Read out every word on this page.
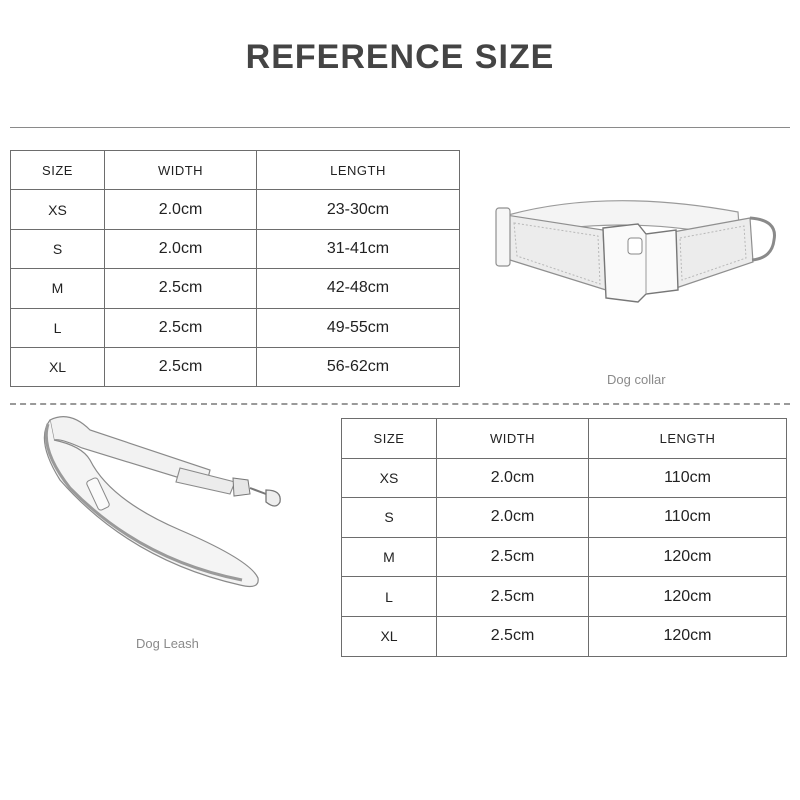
REFERENCE SIZE
SIZE	WIDTH	LENGTH
XS	2.0cm	23-30cm
S	2.0cm	31-41cm
M	2.5cm	42-48cm
L	2.5cm	49-55cm
XL	2.5cm	56-62cm
Dog collar
Dog Leash
SIZE	WIDTH	LENGTH
XS	2.0cm	110cm
S	2.0cm	110cm
M	2.5cm	120cm
L	2.5cm	120cm
XL	2.5cm	120cm
